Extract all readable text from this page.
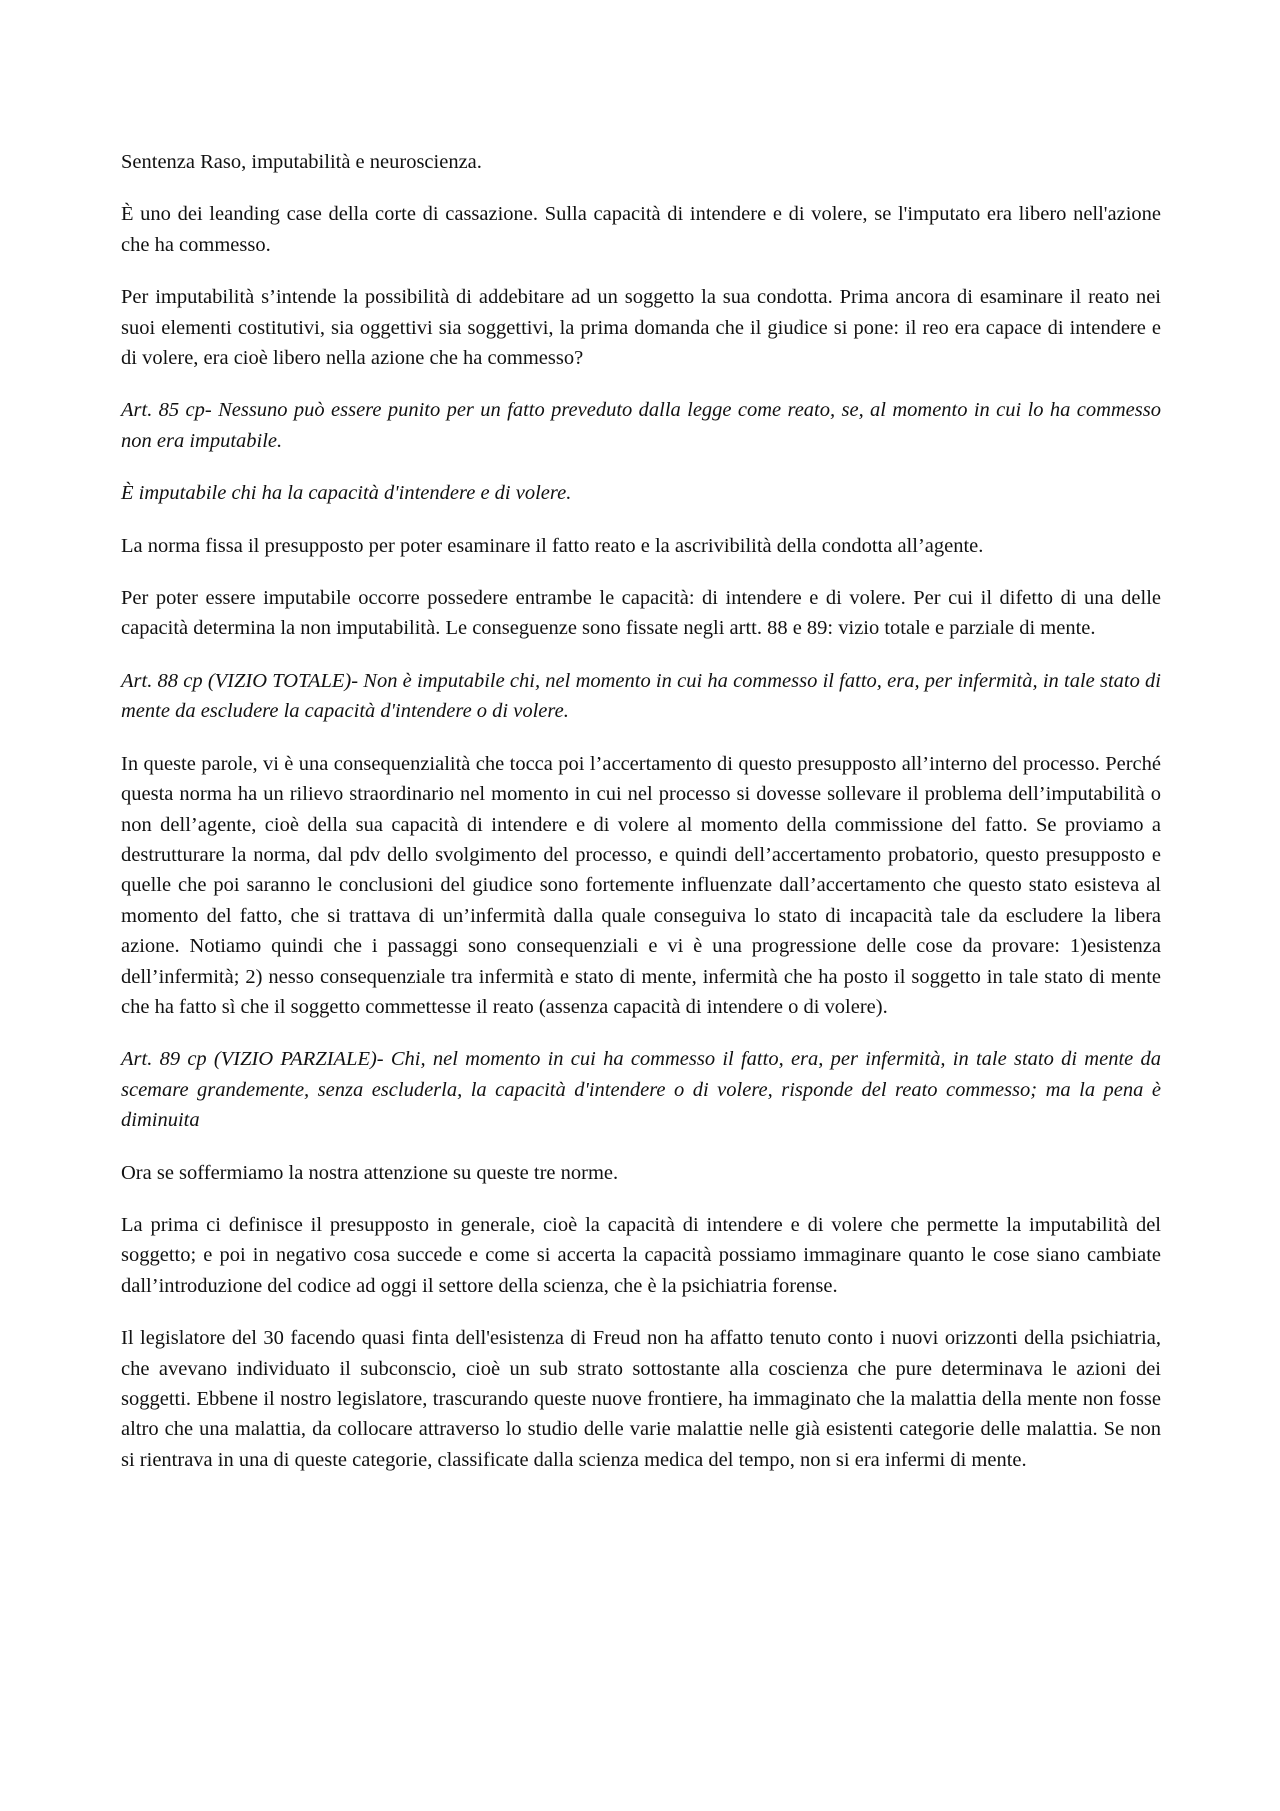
Sentenza Raso, imputabilità e neuroscienza.

È uno dei leanding case della corte di cassazione. Sulla capacità di intendere e di volere, se l'imputato era libero nell'azione che ha commesso.

Per imputabilità s’intende la possibilità di addebitare ad un soggetto la sua condotta. Prima ancora di esaminare il reato nei suoi elementi costitutivi, sia oggettivi sia soggettivi, la prima domanda che il giudice si pone: il reo era capace di intendere e di volere, era cioè libero nella azione che ha commesso?

Art. 85 cp- Nessuno può essere punito per un fatto preveduto dalla legge come reato, se, al momento in cui lo ha commesso non era imputabile.

È imputabile chi ha la capacità d'intendere e di volere.

La norma fissa il presupposto per poter esaminare il fatto reato e la ascrivibilità della condotta all’agente.

Per poter essere imputabile occorre possedere entrambe le capacità: di intendere e di volere. Per cui il difetto di una delle capacità determina la non imputabilità. Le conseguenze sono fissate negli artt. 88 e 89: vizio totale e parziale di mente.

Art. 88 cp (VIZIO TOTALE)- Non è imputabile chi, nel momento in cui ha commesso il fatto, era, per infermità, in tale stato di mente da escludere la capacità d'intendere o di volere.

In queste parole, vi è una consequenzialità che tocca poi l’accertamento di questo presupposto all’interno del processo. Perché questa norma ha un rilievo straordinario nel momento in cui nel processo si dovesse sollevare il problema dell’imputabilità o non dell’agente, cioè della sua capacità di intendere e di volere al momento della commissione del fatto. Se proviamo a destrutturare la norma, dal pdv dello svolgimento del processo, e quindi dell’accertamento probatorio, questo presupposto e quelle che poi saranno le conclusioni del giudice sono fortemente influenzate dall’accertamento che questo stato esisteva al momento del fatto, che si trattava di un’infermità dalla quale conseguiva lo stato di incapacità tale da escludere la libera azione. Notiamo quindi che i passaggi sono consequenziali e vi è una progressione delle cose da provare: 1)esistenza dell’infermità; 2) nesso consequenziale tra infermità e stato di mente, infermità che ha posto il soggetto in tale stato di mente che ha fatto sì che il soggetto commettesse il reato (assenza capacità di intendere o di volere).

Art. 89 cp (VIZIO PARZIALE)- Chi, nel momento in cui ha commesso il fatto, era, per infermità, in tale stato di mente da scemare grandemente, senza escluderla, la capacità d'intendere o di volere, risponde del reato commesso; ma la pena è diminuita

Ora se soffermiamo la nostra attenzione su queste tre norme.

La prima ci definisce il presupposto in generale, cioè la capacità di intendere e di volere che permette la imputabilità del soggetto; e poi in negativo cosa succede e come si accerta la capacità possiamo immaginare quanto le cose siano cambiate dall’introduzione del codice ad oggi il settore della scienza, che è la psichiatria forense.

Il legislatore del 30 facendo quasi finta dell'esistenza di Freud non ha affatto tenuto conto i nuovi orizzonti della psichiatria, che avevano individuato il subconscio, cioè un sub strato sottostante alla coscienza che pure determinava le azioni dei soggetti. Ebbene il nostro legislatore, trascurando queste nuove frontiere, ha immaginato che la malattia della mente non fosse altro che una malattia, da collocare attraverso lo studio delle varie malattie nelle già esistenti categorie delle malattia. Se non si rientrava in una di queste categorie, classificate dalla scienza medica del tempo, non si era infermi di mente.
